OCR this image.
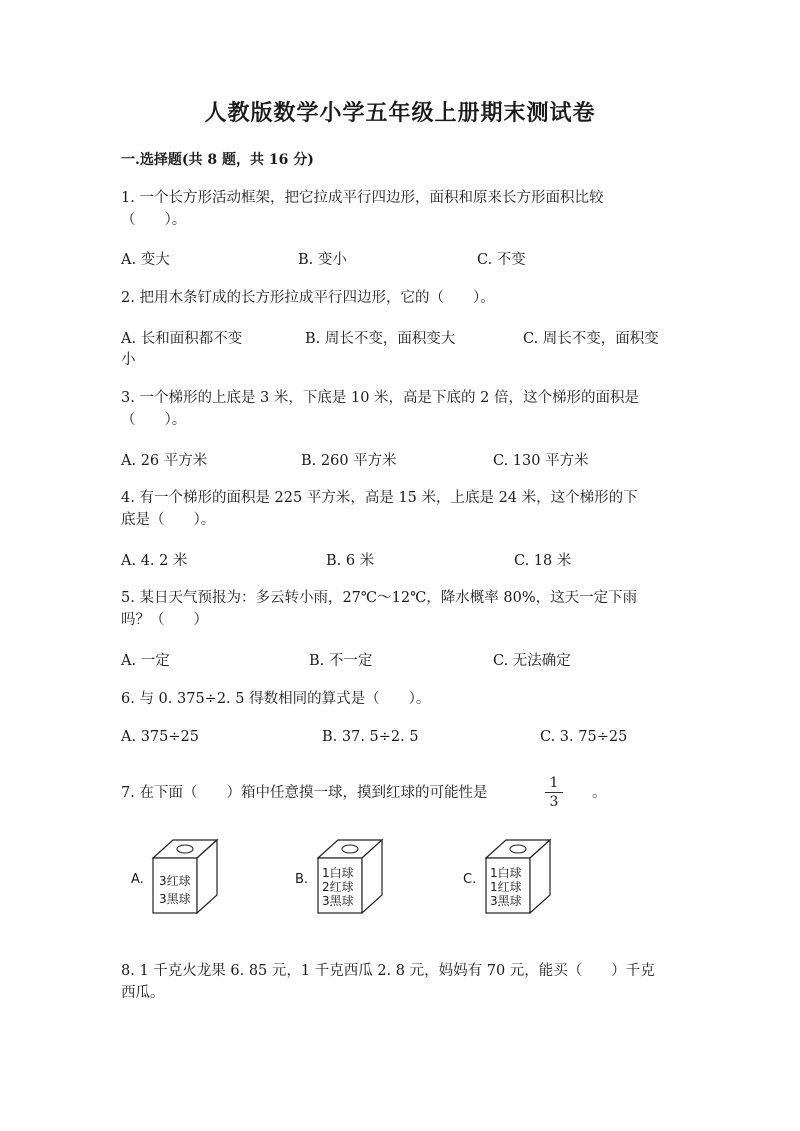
人教版数学小学五年级上册期末测试卷
一.选择题(共 8 题，共 16 分)
1. 一个长方形活动框架，把它拉成平行四边形，面积和原来长方形面积比较
（　　）。
A. 变大	B. 变小	C. 不变
2. 把用木条钉成的长方形拉成平行四边形，它的（　　）。
A. 长和面积都不变	B. 周长不变，面积变大	C. 周长不变，面积变
小
3. 一个梯形的上底是 3 米，下底是 10 米，高是下底的 2 倍，这个梯形的面积是
（　　）。
A. 26 平方米	B. 260 平方米	C. 130 平方米
4. 有一个梯形的面积是 225 平方米，高是 15 米，上底是 24 米，这个梯形的下
底是（　　）。
A. 4. 2 米	B. 6 米	C. 18 米
5. 某日天气预报为：多云转小雨，27℃～12℃，降水概率 80%，这天一定下雨
吗？（　　）
A. 一定	B. 不一定	C. 无法确定
6. 与 0. 375÷2. 5 得数相同的算式是（　　）。
A. 375÷25	B. 37. 5÷2. 5	C. 3. 75÷25
7. 在下面（　　）箱中任意摸一球，摸到红球的可能性是
1
3
。
A. 3红球
3黑球
B. 1白球
2红球
3黑球
C. 1白球
1红球
3黑球
8. 1 千克火龙果 6. 85 元，1 千克西瓜 2. 8 元，妈妈有 70 元，能买（　　）千克
西瓜。
